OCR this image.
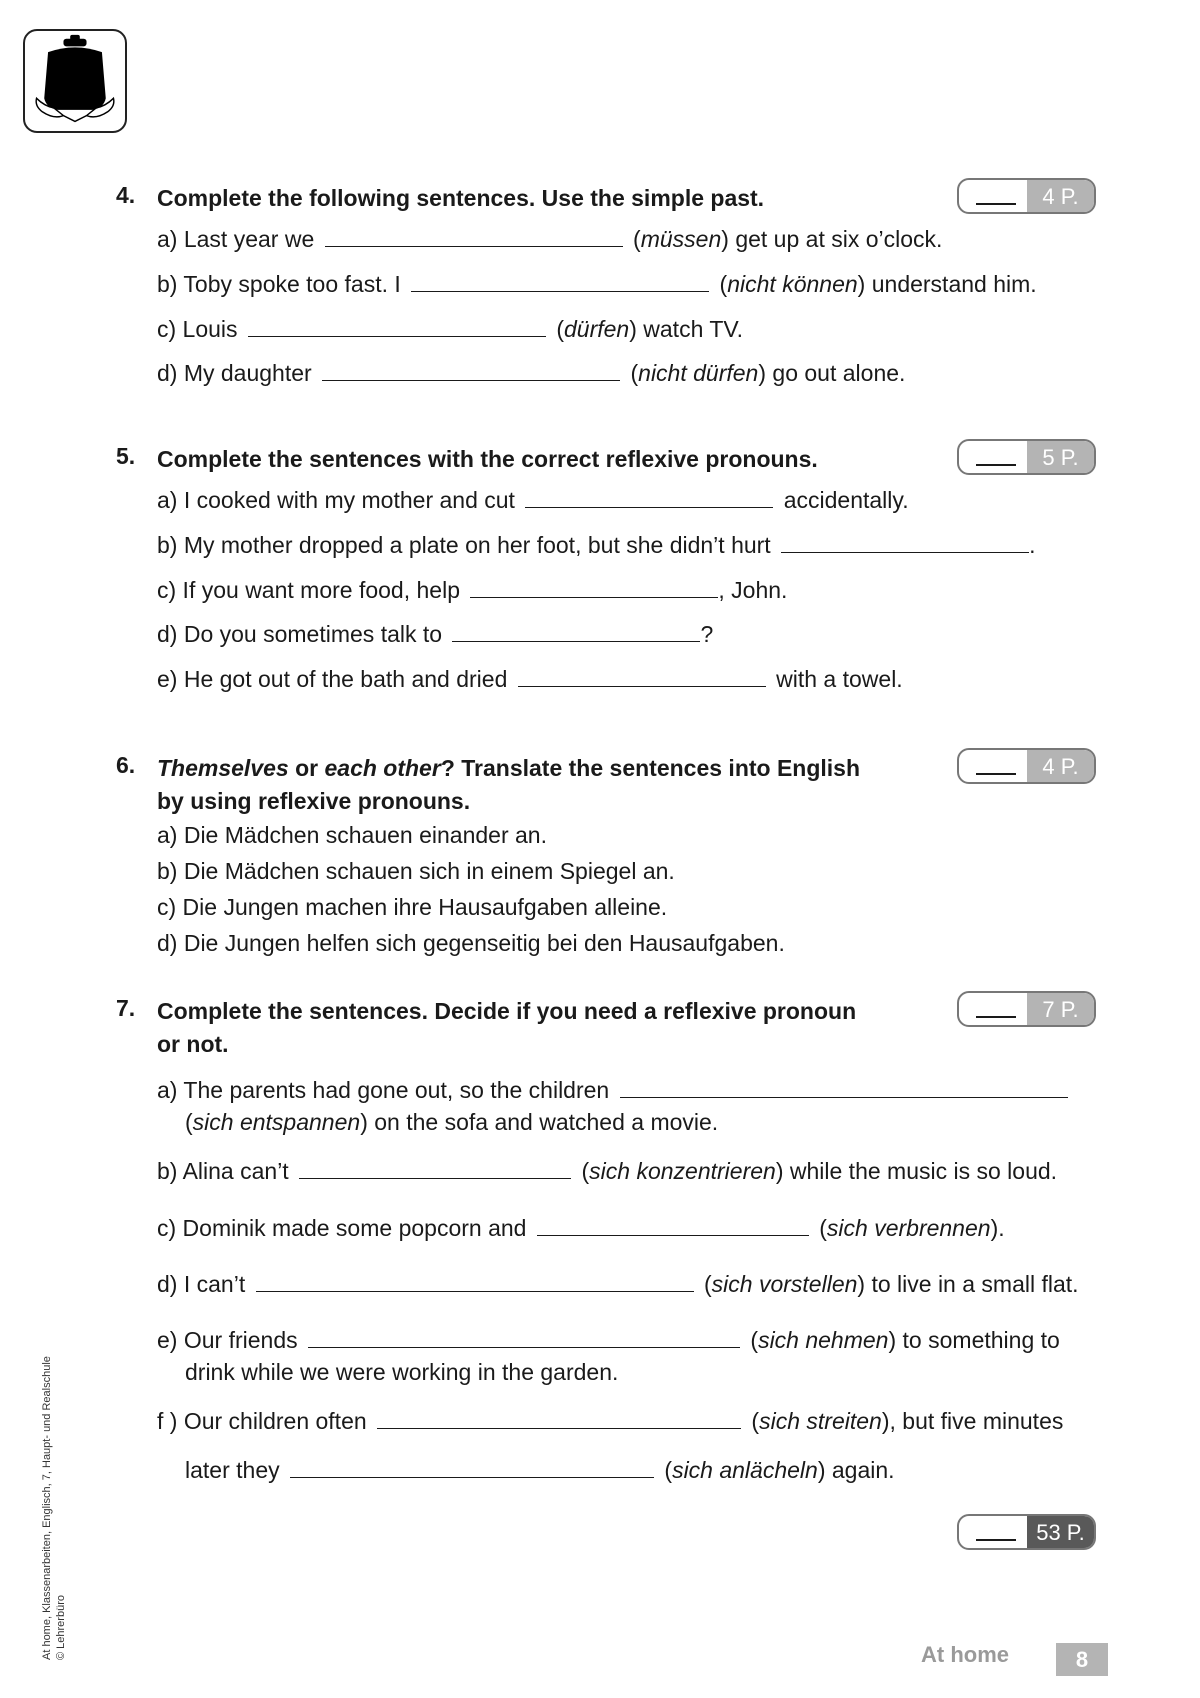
4. Complete the following sentences. Use the simple past.	4 P.
a) Last year we	(müssen) get up at six o’clock.
b) Toby spoke too fast. I	(nicht können) understand him.
c) Louis	(dürfen) watch TV.
d) My daughter	(nicht dürfen) go out alone.
5. Complete the sentences with the correct reflexive pronouns.	5 P.
a) I cooked with my mother and cut	accidentally.
b) My mother dropped a plate on her foot, but she didn’t hurt	.
c) If you want more food, help	, John.
d) Do you sometimes talk to	?
e) He got out of the bath and dried	with a towel.
6. Themselves or each other? Translate the sentences into English
by using reflexive pronouns.
4 P.
a) Die Mädchen schauen einander an.
b) Die Mädchen schauen sich in einem Spiegel an.
c) Die Jungen machen ihre Hausaufgaben alleine.
d) Die Jungen helfen sich gegenseitig bei den Hausaufgaben.
7. Complete the sentences. Decide if you need a reflexive pronoun
or not.
7 P.
a) The parents had gone out, so the children
(sich entspannen) on the sofa and watched a movie.
b) Alina can’t	(sich konzentrieren) while the music is so loud.
c) Dominik made some popcorn and	(sich verbrennen).
d) I can’t	(sich vorstellen) to live in a small flat.
e) Our friends	(sich nehmen) to something to
drink while we were working in the garden.
f ) Our children often	(sich streiten), but five minutes
later they	(sich anlächeln) again.
53 P.
At home, Klassenarbeiten, Englisch, 7, Haupt- und Realschule © Lehrerbüro	At home	8
